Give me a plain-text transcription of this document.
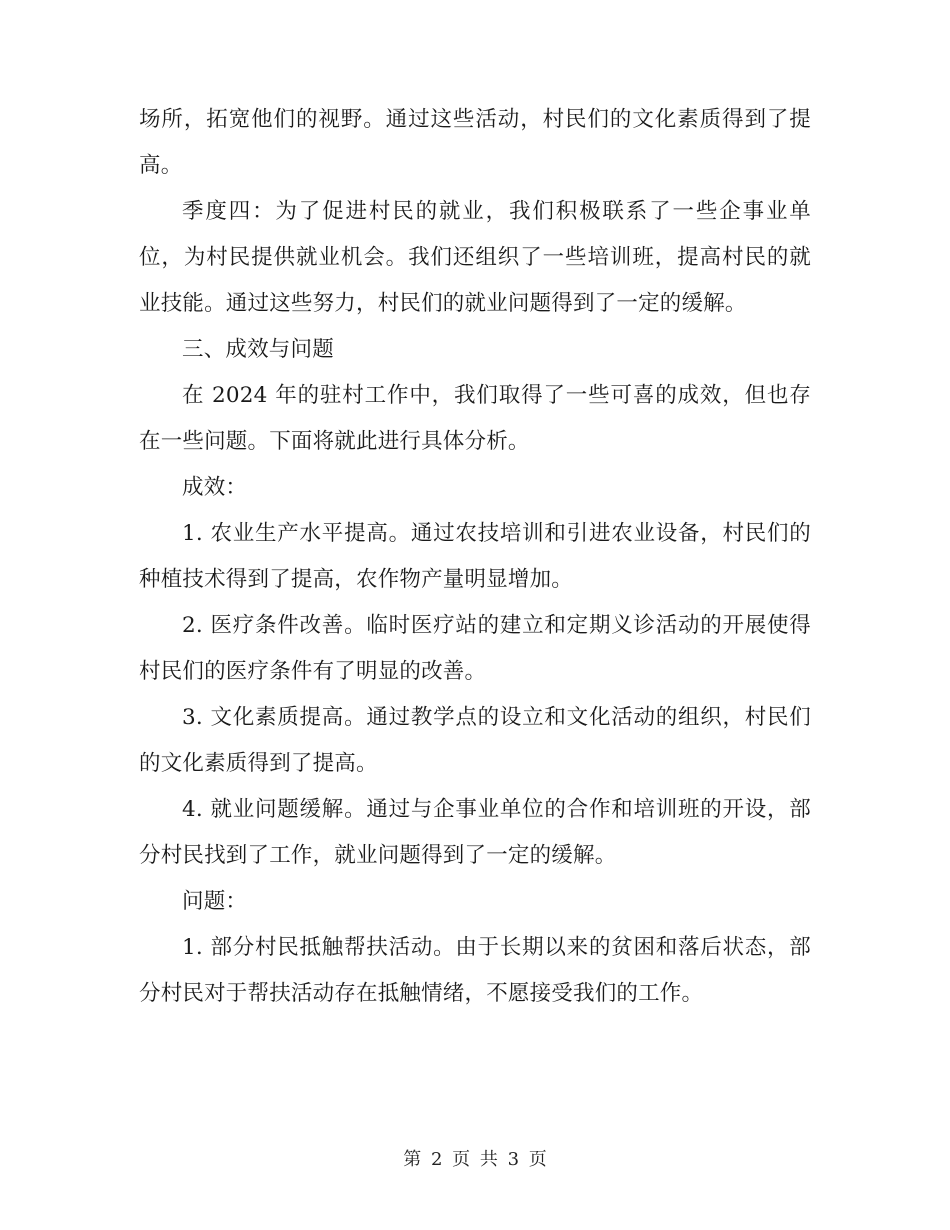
场所，拓宽他们的视野。通过这些活动，村民们的文化素质得到了提高。

季度四：为了促进村民的就业，我们积极联系了一些企事业单位，为村民提供就业机会。我们还组织了一些培训班，提高村民的就业技能。通过这些努力，村民们的就业问题得到了一定的缓解。

三、成效与问题

在 2024 年的驻村工作中，我们取得了一些可喜的成效，但也存在一些问题。下面将就此进行具体分析。

成效：

1. 农业生产水平提高。通过农技培训和引进农业设备，村民们的种植技术得到了提高，农作物产量明显增加。

2. 医疗条件改善。临时医疗站的建立和定期义诊活动的开展使得村民们的医疗条件有了明显的改善。

3. 文化素质提高。通过教学点的设立和文化活动的组织，村民们的文化素质得到了提高。

4. 就业问题缓解。通过与企事业单位的合作和培训班的开设，部分村民找到了工作，就业问题得到了一定的缓解。

问题：

1. 部分村民抵触帮扶活动。由于长期以来的贫困和落后状态，部分村民对于帮扶活动存在抵触情绪，不愿接受我们的工作。

第 2 页 共 3 页
